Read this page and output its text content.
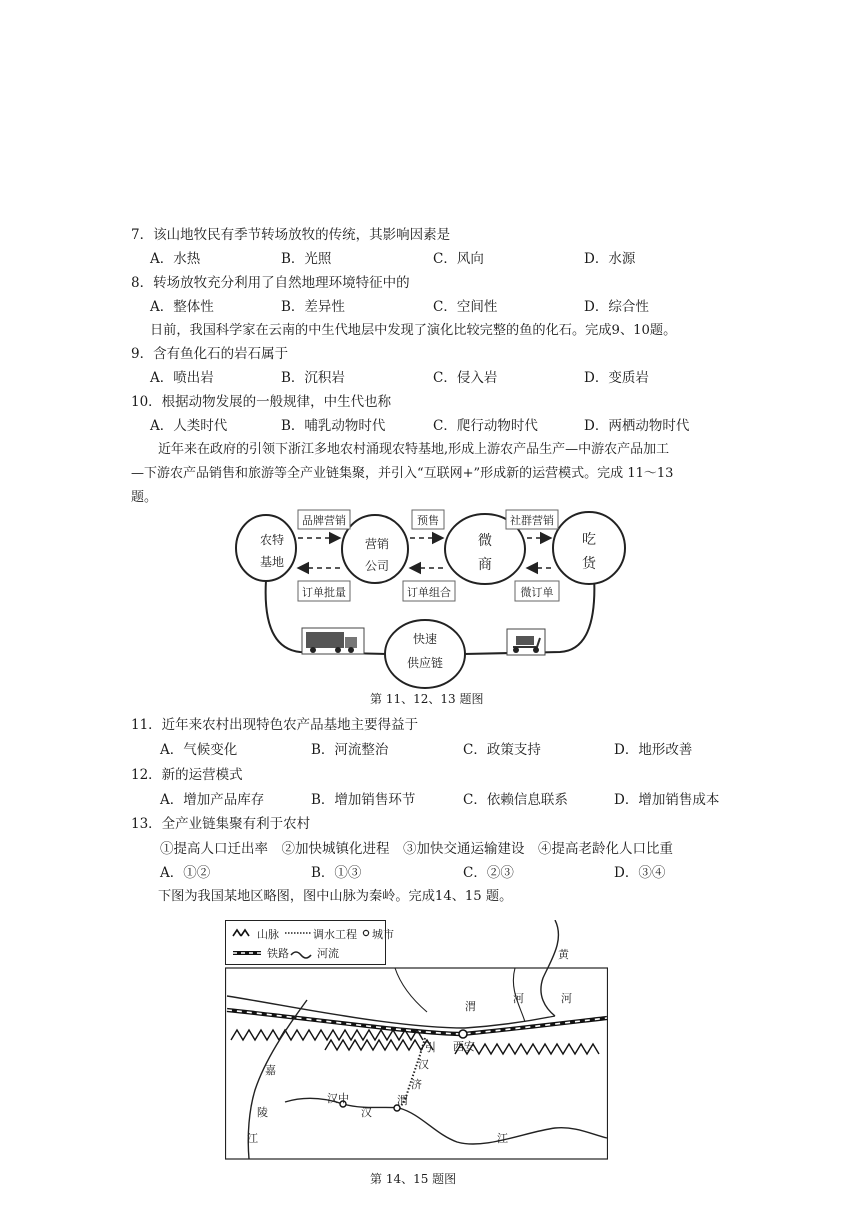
7．该山地牧民有季节转场放牧的传统，其影响因素是
A．水热	B．光照	C．风向	D．水源
8．转场放牧充分利用了自然地理环境特征中的
A．整体性	B．差异性	C．空间性	D．综合性
日前，我国科学家在云南的中生代地层中发现了演化比较完整的鱼的化石。完成9、10题。
9．含有鱼化石的岩石属于
A．喷出岩	B．沉积岩	C．侵入岩	D．变质岩
10．根据动物发展的一般规律，中生代也称
A．人类时代	B．哺乳动物时代	C．爬行动物时代	D．两栖动物时代
近年来在政府的引领下浙江多地农村涌现农特基地,形成上游农产品生产—中游农产品加工
—下游农产品销售和旅游等全产业链集聚，并引入“互联网+”形成新的运营模式。完成 11～13
题。
品牌营销	预售	社群营销
订单批量	订单组合	微订单
农特
基地
营销
公司
微
商
吃
货
快速
供应链
第 11、12、13 题图
11．近年来农村出现特色农产品基地主要得益于
A．气候变化	B．河流整治	C．政策支持	D．地形改善
12．新的运营模式
A．增加产品库存	B．增加销售环节	C．依赖信息联系	D．增加销售成本
13．全产业链集聚有利于农村
①提高人口迁出率　②加快城镇化进程　③加快交通运输建设　④提高老龄化人口比重
A．①②	B．①③	C．②③	D．③④
下图为我国某地区略图，图中山脉为秦岭。完成14、15 题。
山脉	调水工程 城市
铁路	河流	黄
河
渭
河
西安
引
汉
济
渭
嘉
陵
江
汉中
汉
江
第 14、15 题图
